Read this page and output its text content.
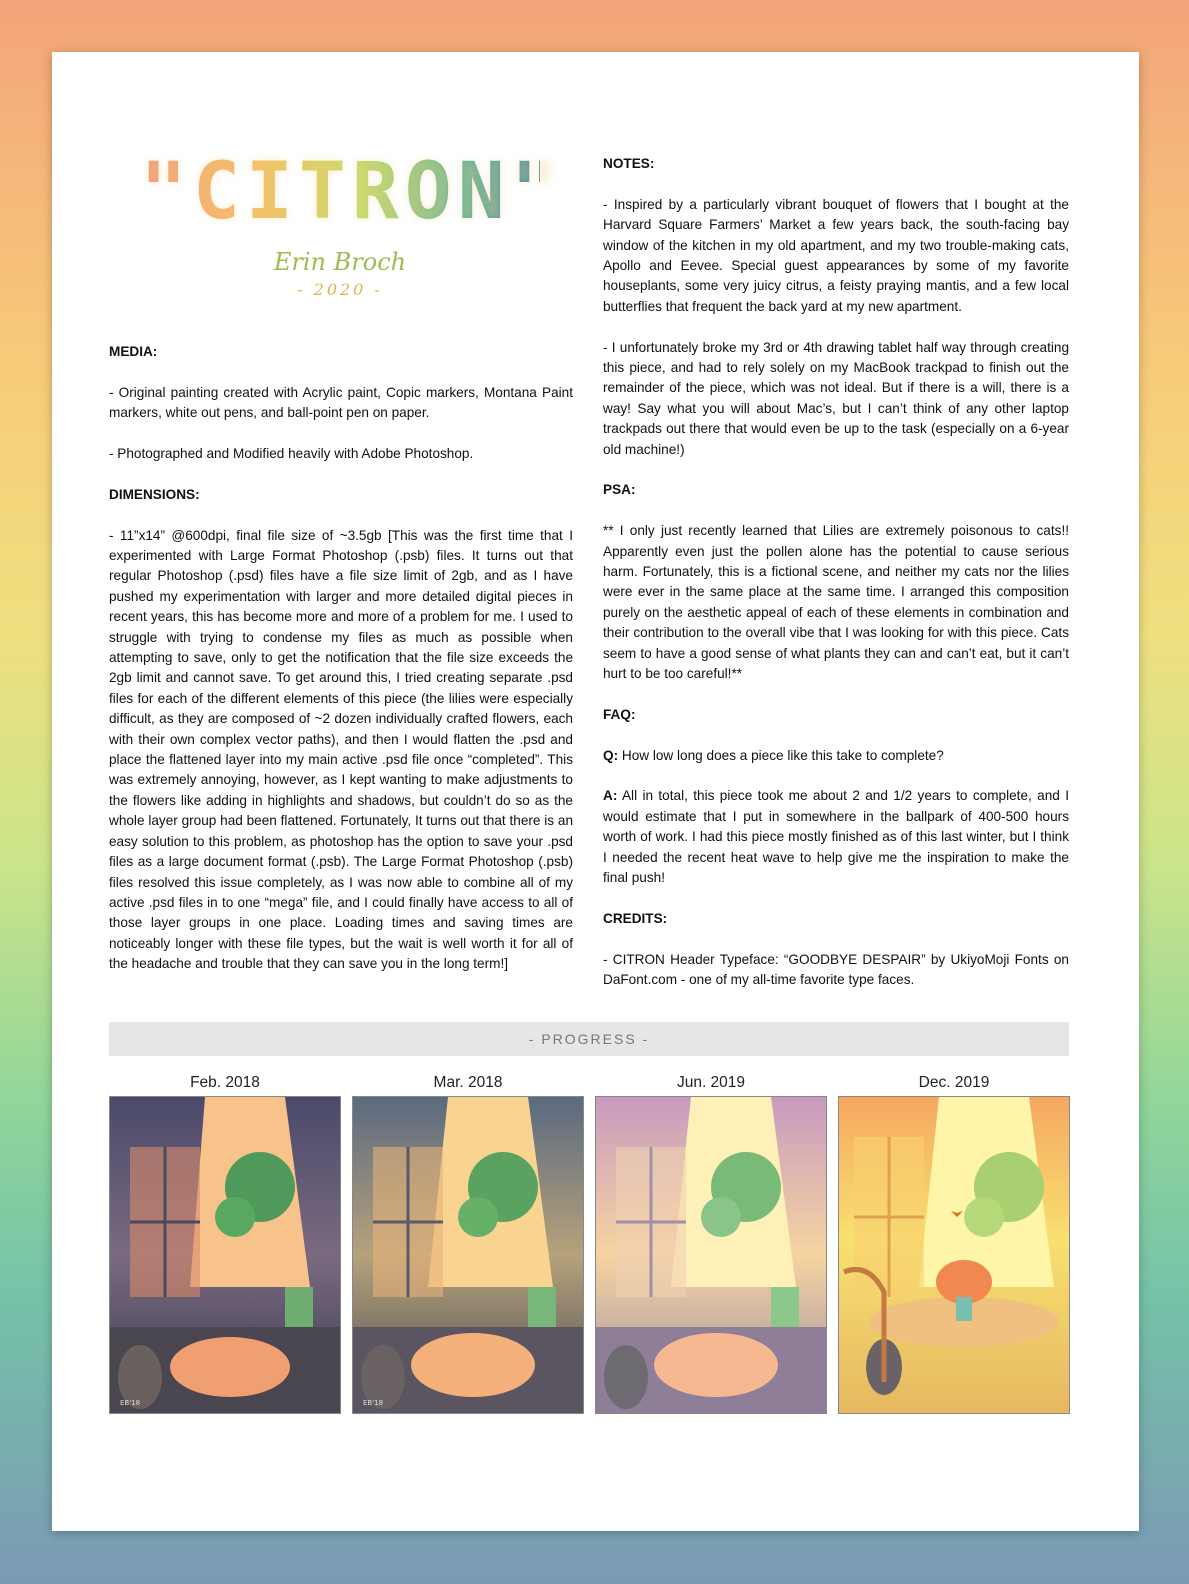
"CITRON"
Erin Broch
- 2020 -
MEDIA:
- Original painting created with Acrylic paint, Copic markers, Montana Paint markers, white out pens, and ball-point pen on paper.
- Photographed and Modified heavily with Adobe Photoshop.
DIMENSIONS:
- 11”x14” @600dpi, final file size of ~3.5gb [This was the first time that I experimented with Large Format Photoshop (.psb) files. It turns out that regular Photoshop (.psd) files have a file size limit of 2gb, and as I have pushed my experimentation with larger and more detailed digital pieces in recent years, this has become more and more of a problem for me. I used to struggle with trying to condense my files as much as possible when attempting to save, only to get the notification that the file size exceeds the 2gb limit and cannot save. To get around this, I tried creating separate .psd files for each of the different elements of this piece (the lilies were especially difficult, as they are composed of ~2 dozen individually crafted flowers, each with their own complex vector paths), and then I would flatten the .psd and place the flattened layer into my main active .psd file once “completed”. This was extremely annoying, however, as I kept wanting to make adjustments to the flowers like adding in highlights and shadows, but couldn’t do so as the whole layer group had been flattened. Fortunately, It turns out that there is an easy solution to this problem, as photoshop has the option to save your .psd files as a large document format (.psb). The Large Format Photoshop (.psb) files resolved this issue completely, as I was now able to combine all of my active .psd files in to one “mega” file, and I could finally have access to all of those layer groups in one place. Loading times and saving times are noticeably longer with these file types, but the wait is well worth it for all of the headache and trouble that they can save you in the long term!]
NOTES:
- Inspired by a particularly vibrant bouquet of flowers that I bought at the Harvard Square Farmers’ Market a few years back, the south-facing bay window of the kitchen in my old apartment, and my two trouble-making cats, Apollo and Eevee. Special guest appearances by some of my favorite houseplants, some very juicy citrus, a feisty praying mantis, and a few local butterflies that frequent the back yard at my new apartment.
- I unfortunately broke my 3rd or 4th drawing tablet half way through creating this piece, and had to rely solely on my MacBook trackpad to finish out the remainder of the piece, which was not ideal. But if there is a will, there is a way! Say what you will about Mac’s, but I can’t think of any other laptop trackpads out there that would even be up to the task (especially on a 6-year old machine!)
PSA:
** I only just recently learned that Lilies are extremely poisonous to cats!! Apparently even just the pollen alone has the potential to cause serious harm. Fortunately, this is a fictional scene, and neither my cats nor the lilies were ever in the same place at the same time. I arranged this composition purely on the aesthetic appeal of each of these elements in combination and their contribution to the overall vibe that I was looking for with this piece. Cats seem to have a good sense of what plants they can and can’t eat, but it can’t hurt to be too careful!**
FAQ:
Q: How low long does a piece like this take to complete?
A: All in total, this piece took me about 2 and 1/2 years to complete, and I would estimate that I put in somewhere in the ballpark of 400-500 hours worth of work. I had this piece mostly finished as of this last winter, but I think I needed the recent heat wave to help give me the inspiration to make the final push!
CREDITS:
- CITRON Header Typeface: “GOODBYE DESPAIR” by UkiyoMoji Fonts on DaFont.com - one of my all-time favorite type faces.
- PROGRESS -
Feb. 2018
EB'18
Mar. 2018
EB'18
Jun. 2019	Dec. 2019
